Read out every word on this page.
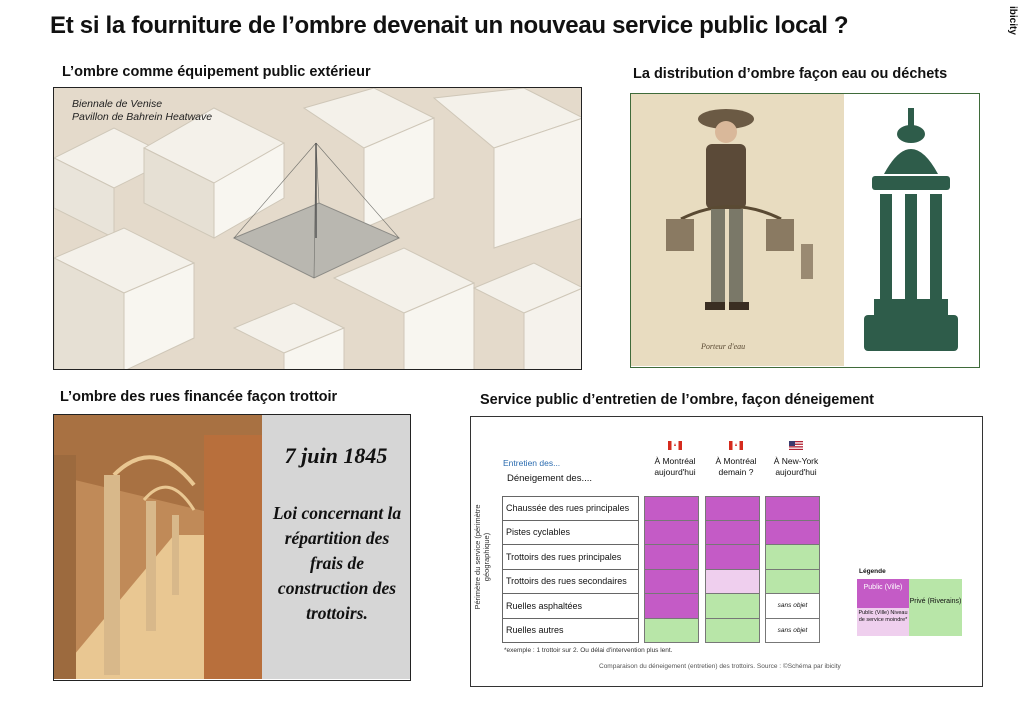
Et si la fourniture de l’ombre devenait un nouveau service public local ?	ibicity
L’ombre comme équipement public extérieur
Biennale de Venise
Pavillon de Bahrein Heatwave
La distribution d’ombre façon eau ou déchets
Porteur d'eau
L’ombre des rues financée façon trottoir
7 juin 1845
Loi concernant la répartition des frais de construction des trottoirs.
Service public d’entretien de l’ombre, façon déneigement
Entretien des...
Déneigement des....
Périmètre du service (périmètre géographique)
À Montréal aujourd'hui
À Montréal demain ?
À New-York aujourd'hui
Chaussée des rues principales
Pistes cyclables
Trottoirs des rues principales
Trottoirs des rues secondaires
Ruelles asphaltées
Ruelles autres
sans objet
sans objet
*exemple : 1 trottoir sur 2. Ou délai d'intervention plus lent.
Comparaison du déneigement (entretien) des trottoirs. Source : ©Schéma par ibicity
Légende
Public (Ville)
Privé (Riverains)
Public (Ville) Niveau de service moindre*
